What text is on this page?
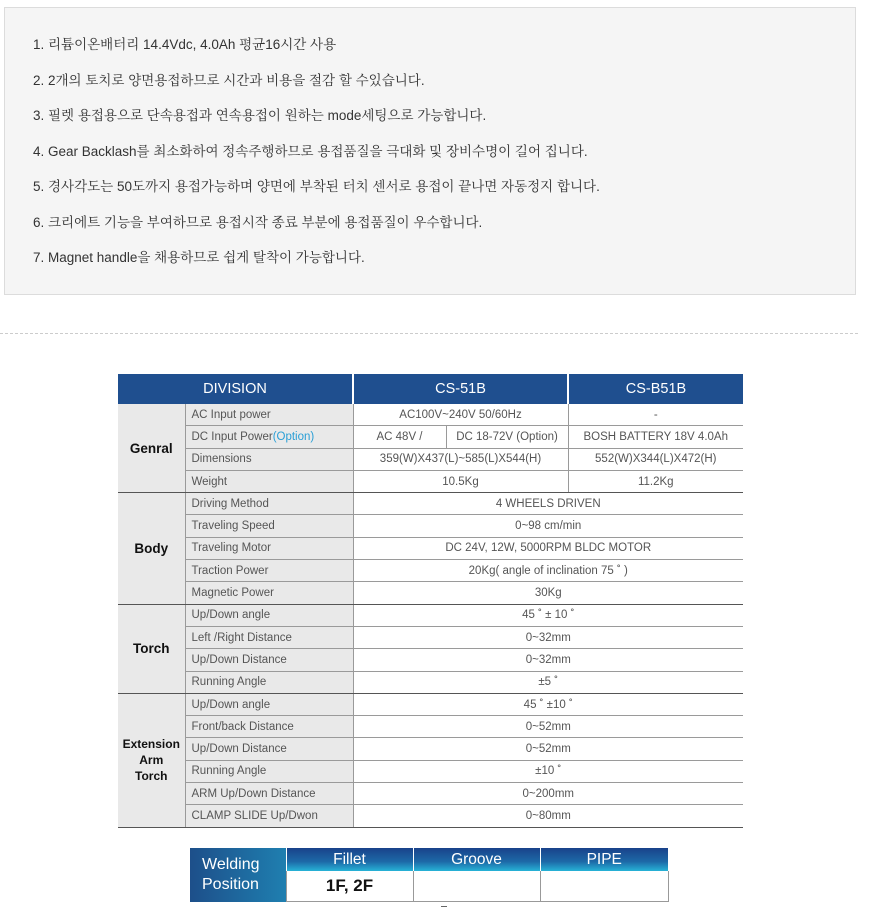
1. 리튬이온배터리 14.4Vdc, 4.0Ah 평균16시간 사용
2. 2개의 토치로 양면용접하므로 시간과 비용을 절감 할 수있습니다.
3. 필렛 용접용으로 단속용접과 연속용접이 원하는 mode세팅으로 가능합니다.
4. Gear Backlash를 최소화하여 정속주행하므로 용접품질을 극대화 및 장비수명이 길어 집니다.
5. 경사각도는 50도까지 용접가능하며 양면에 부착된 터치 센서로 용접이 끝나면 자동정지 합니다.
6. 크리에트 기능을 부여하므로 용접시작 종료 부분에 용접품질이 우수합니다.
7. Magnet handle을 채용하므로 쉽게 탈착이 가능합니다.
DIVISION		CS-51B		CS-B51B
Genral	AC Input power	AC100V~240V 50/60Hz		-
	DC Input Power(Option)	AC 48V /	DC 18-72V (Option)	BOSH BATTERY 18V 4.0Ah
	Dimensions	359(W)X437(L)~585(L)X544(H)		552(W)X344(L)X472(H)
	Weight	10.5Kg		11.2Kg
Body	Driving Method	4 WHEELS DRIVEN		
	Traveling Speed	0~98 cm/min		
	Traveling Motor	DC 24V, 12W, 5000RPM BLDC MOTOR		
	Traction Power	20Kg( angle of inclination 75 ˚ )		
	Magnetic Power	30Kg		
Torch	Up/Down angle	45 ˚ ± 10 ˚		
	Left /Right Distance	0~32mm		
	Up/Down Distance	0~32mm		
	Running Angle	±5 ˚		
Extension
Arm
Torch	Up/Down angle	45 ˚ ±10 ˚		
	Front/back Distance	0~52mm		
	Up/Down Distance	0~52mm		
	Running Angle	±10 ˚		
	ARM Up/Down Distance	0~200mm		
	CLAMP SLIDE Up/Dwon	0~80mm		
Welding
Position	Fillet	Groove	PIPE
	1F, 2F		
